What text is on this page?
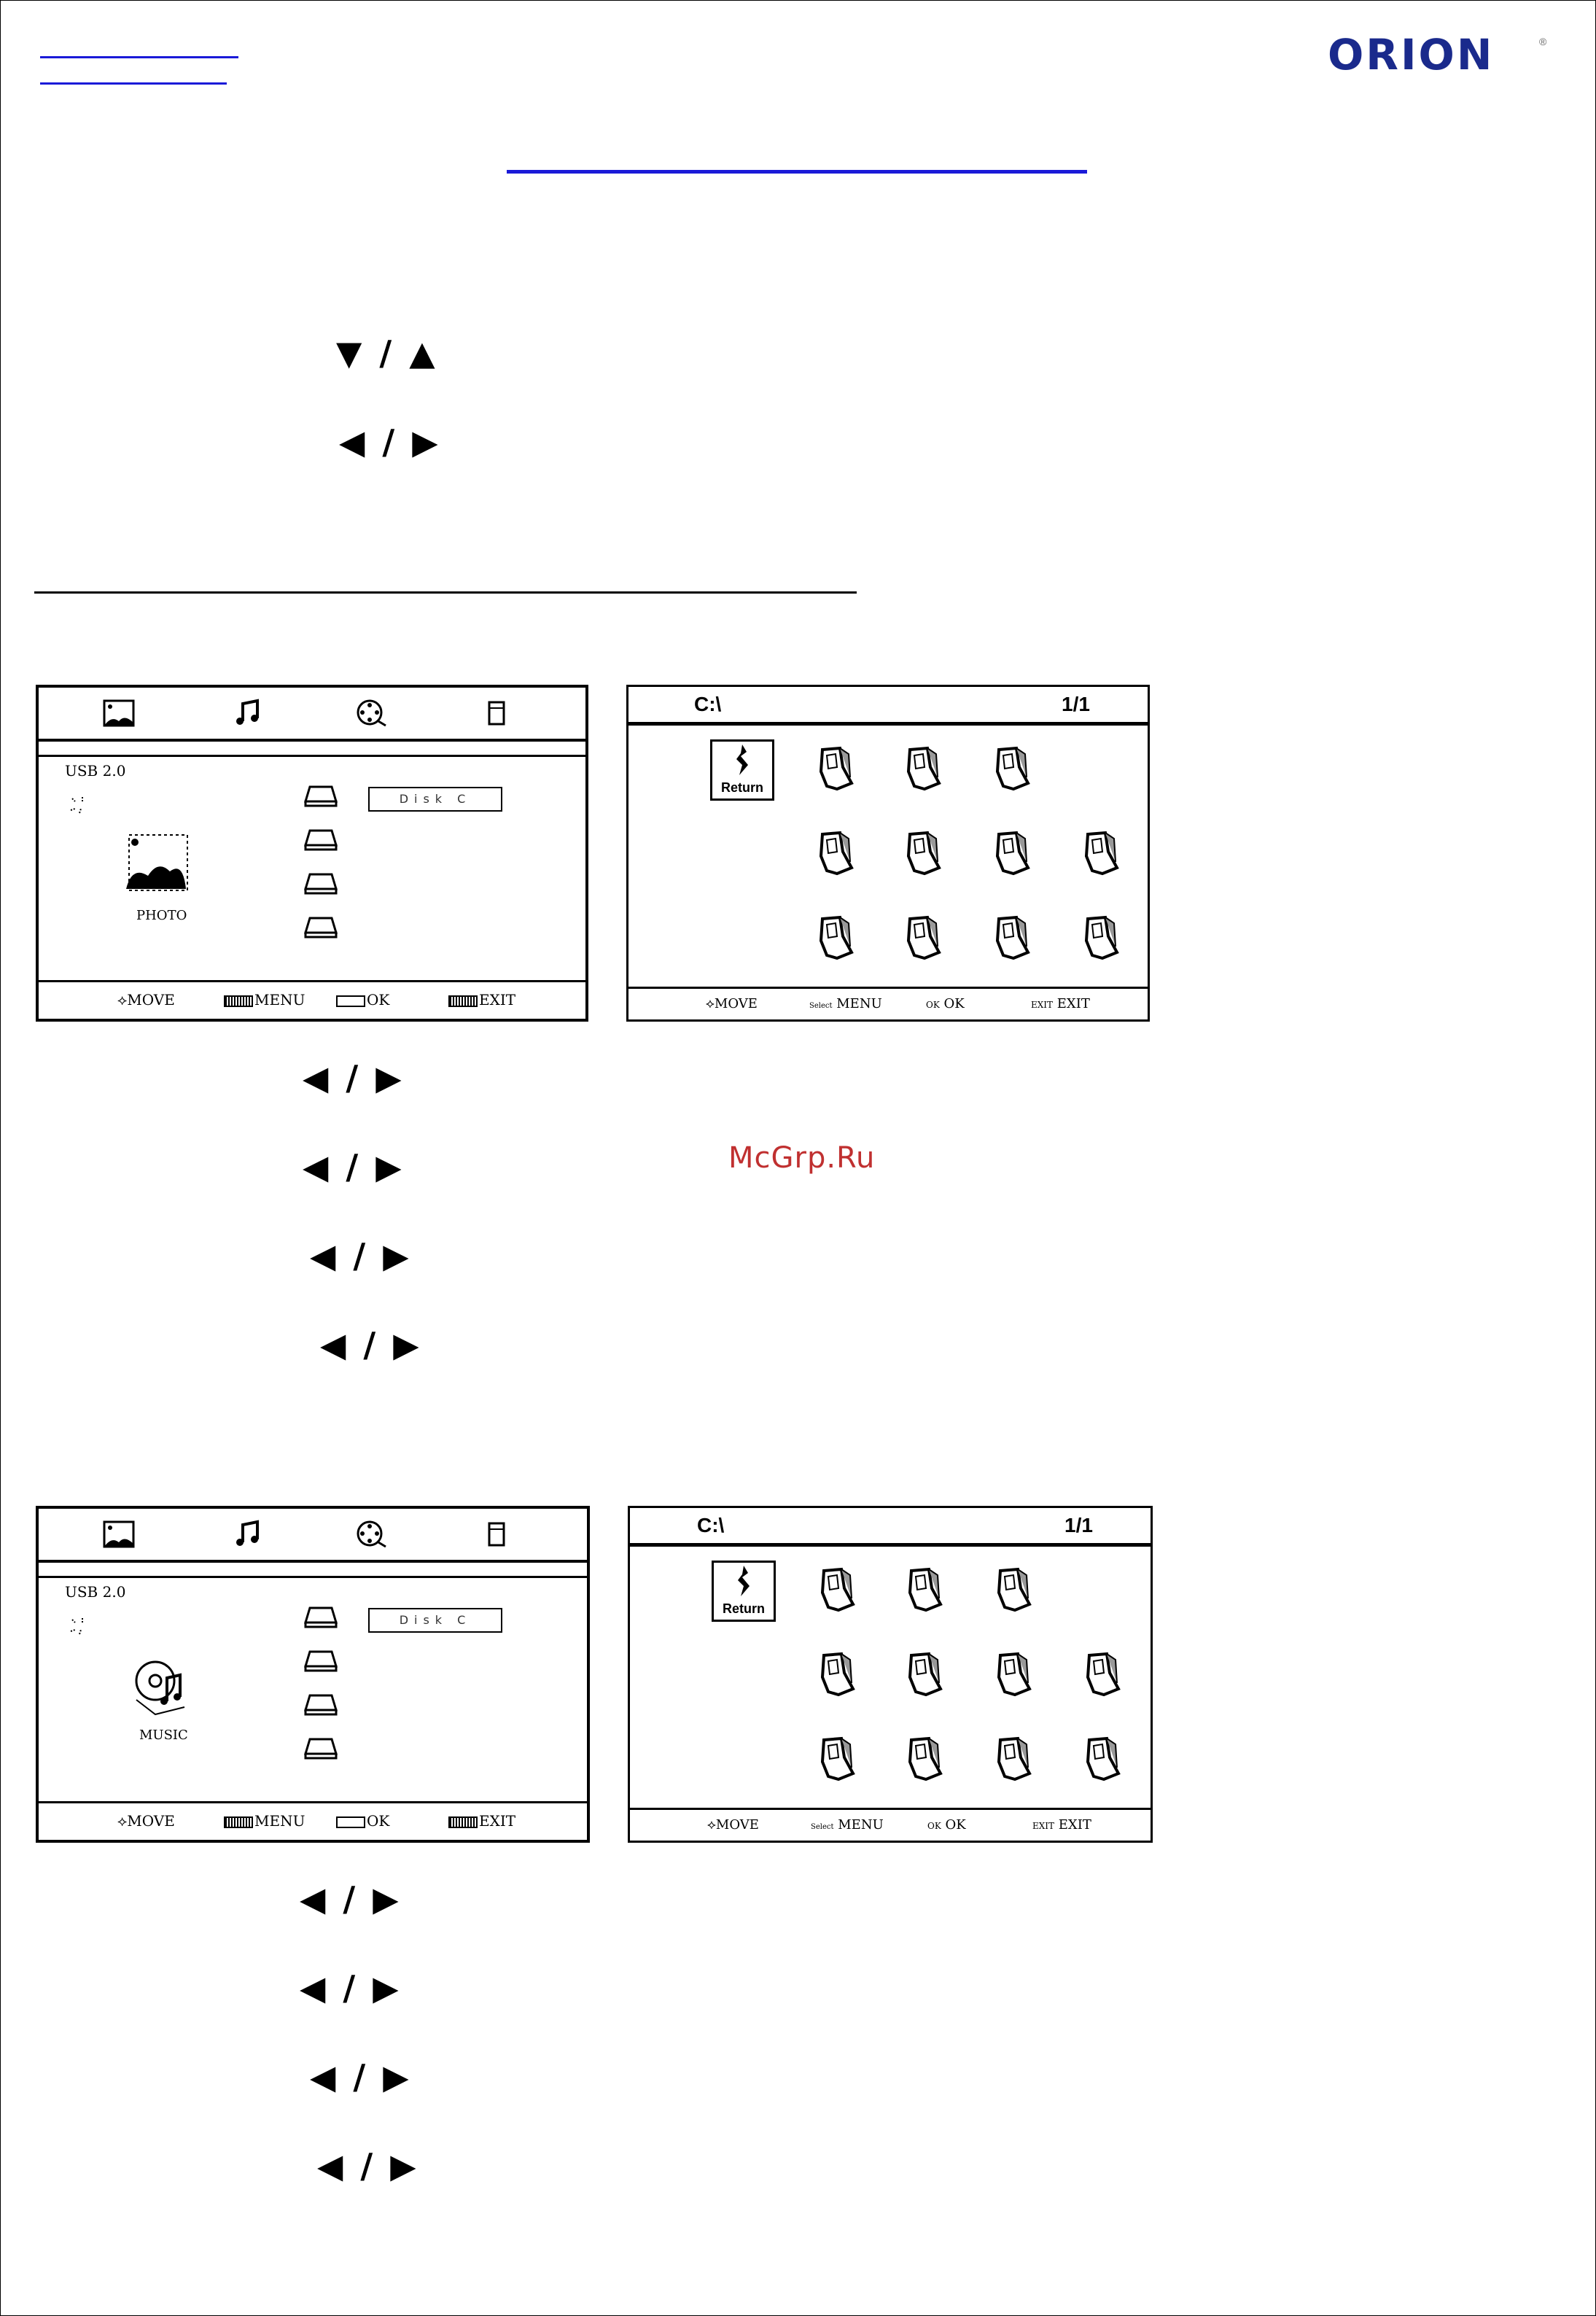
ORION	®
▼ / ▲
◀ / ▶
USB 2.0
PHOTO
Disk C
⟡MOVE	MENU	OK	EXIT
C:\	1/1
Return
⟡MOVE	Select MENU	OK OK	EXIT EXIT
◀ / ▶
◀ / ▶
◀ / ▶
◀ / ▶
McGrp.Ru
USB 2.0
MUSIC
Disk C
⟡MOVE	MENU	OK	EXIT
C:\	1/1
Return
⟡MOVE	Select MENU	OK OK	EXIT EXIT
◀ / ▶
◀ / ▶
◀ / ▶
◀ / ▶
